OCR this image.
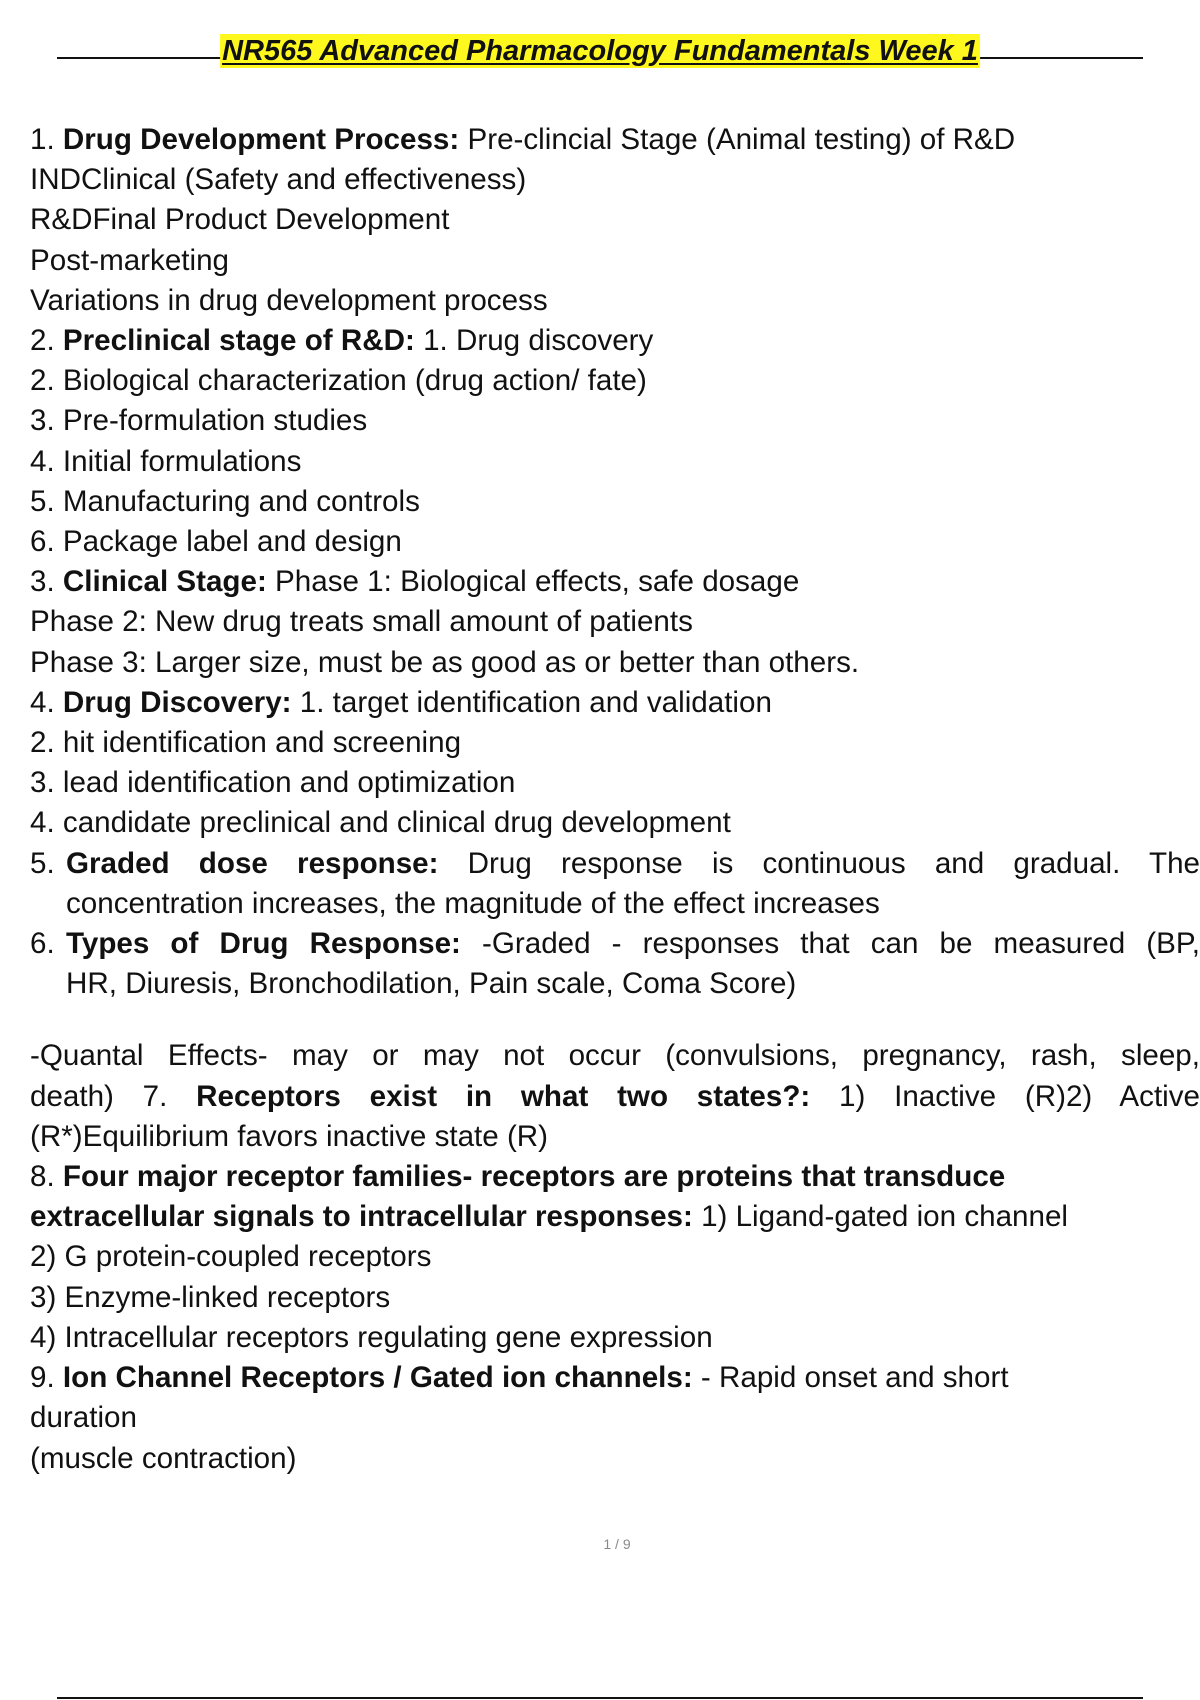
NR565 Advanced Pharmacology Fundamentals Week 1
1. Drug Development Process: Pre-clincial Stage (Animal testing) of R&D
INDClinical (Safety and effectiveness)
R&DFinal Product Development
Post-marketing
Variations in drug development process
2. Preclinical stage of R&D: 1. Drug discovery
2. Biological characterization (drug action/ fate)
3. Pre-formulation studies
4. Initial formulations
5. Manufacturing and controls
6. Package label and design
3. Clinical Stage: Phase 1: Biological effects, safe dosage
Phase 2: New drug treats small amount of patients
Phase 3: Larger size, must be as good as or better than others.
4. Drug Discovery: 1. target identification and validation
2. hit identification and screening
3. lead identification and optimization
4. candidate preclinical and clinical drug development
5. Graded dose response: Drug response is continuous and gradual. The
concentration increases, the magnitude of the effect increases
6. Types of Drug Response: -Graded - responses that can be measured (BP,
HR, Diuresis, Bronchodilation, Pain scale, Coma Score)
-Quantal Effects- may or may not occur (convulsions, pregnancy, rash, sleep,
death) 7. Receptors exist in what two states?: 1) Inactive (R)2) Active
(R*)Equilibrium favors inactive state (R)
8. Four major receptor families- receptors are proteins that transduce
extracellular signals to intracellular responses: 1) Ligand-gated ion channel
2) G protein-coupled receptors
3) Enzyme-linked receptors
4) Intracellular receptors regulating gene expression
9. Ion Channel Receptors / Gated ion channels: - Rapid onset and short
duration
(muscle contraction)
1 / 9
